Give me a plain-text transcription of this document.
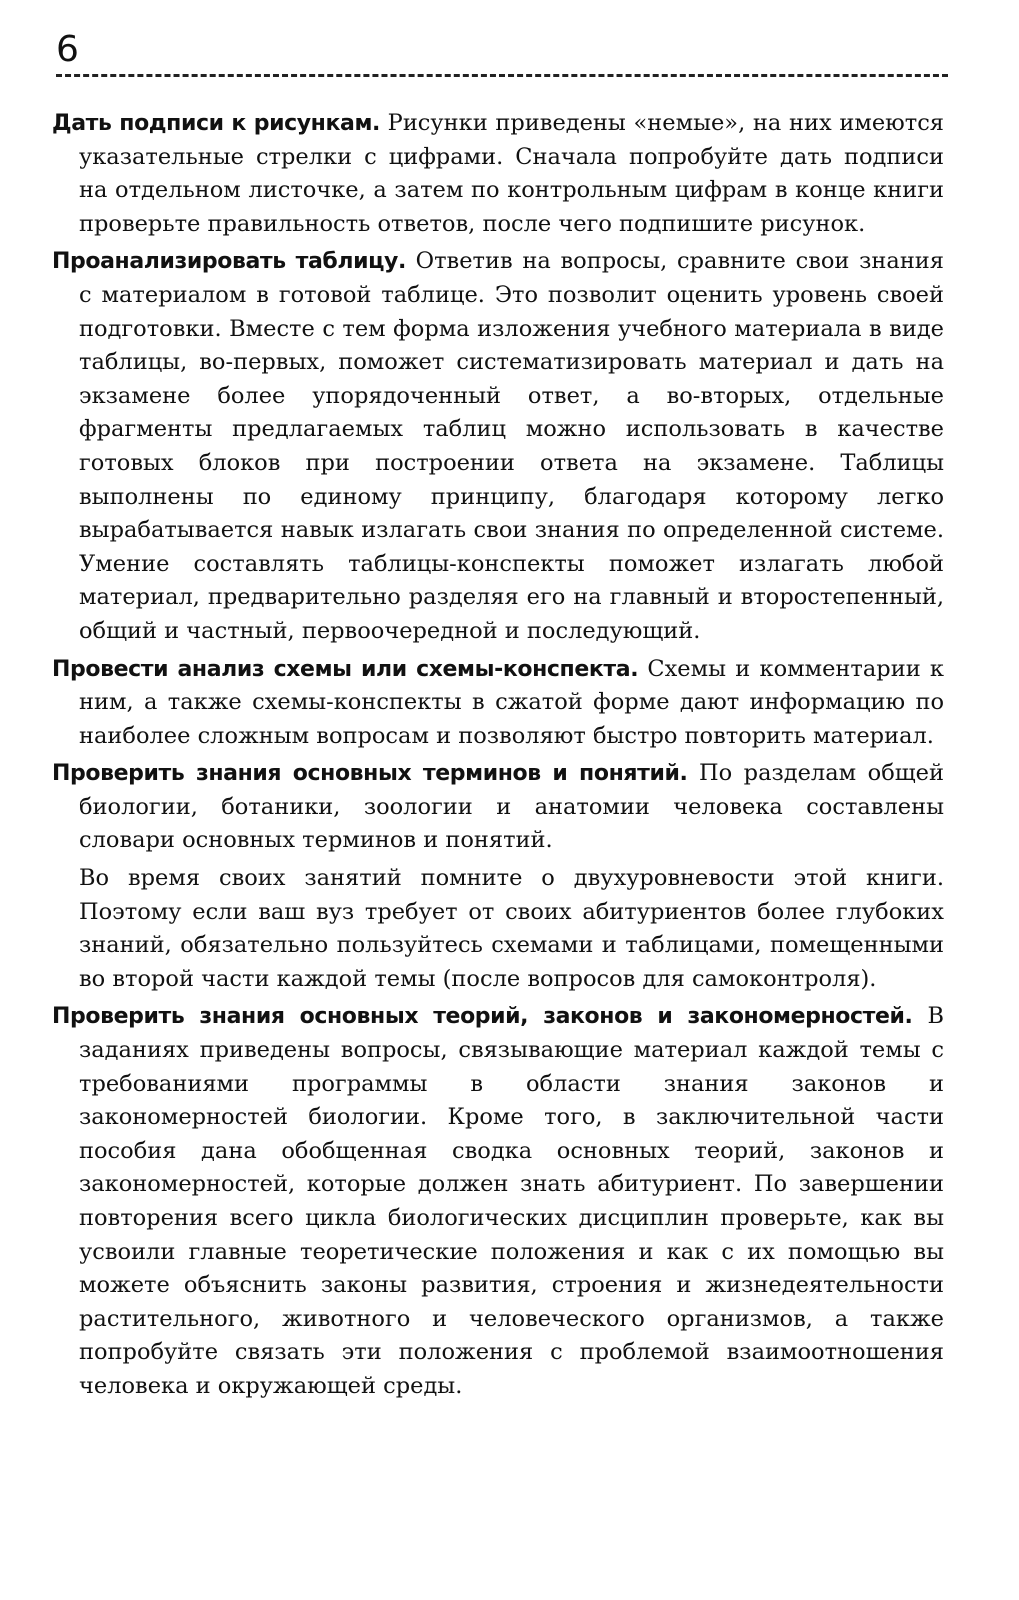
6

Дать подписи к рисункам. Рисунки приведены «немые», на них имеются указательные стрелки с цифрами. Сначала попробуйте дать подписи на отдельном листочке, а затем по контрольным цифрам в конце книги проверьте правильность ответов, после чего подпишите рисунок.

Проанализировать таблицу. Ответив на вопросы, сравните свои знания с материалом в готовой таблице. Это позволит оценить уровень своей подготовки. Вместе с тем форма изложения учебного материала в виде таблицы, во-первых, поможет систематизировать материал и дать на экзамене более упорядоченный ответ, а во-вторых, отдельные фрагменты предлагаемых таблиц можно использовать в качестве готовых блоков при построении ответа на экзамене. Таблицы выполнены по единому принципу, благодаря которому легко вырабатывается навык излагать свои знания по определенной системе. Умение составлять таблицы-конспекты поможет излагать любой материал, предварительно разделяя его на главный и второстепенный, общий и частный, первоочередной и последующий.

Провести анализ схемы или схемы-конспекта. Схемы и комментарии к ним, а также схемы-конспекты в сжатой форме дают информацию по наиболее сложным вопросам и позволяют быстро повторить материал.

Проверить знания основных терминов и понятий. По разделам общей биологии, ботаники, зоологии и анатомии человека составлены словари основных терминов и понятий.

Во время своих занятий помните о двухуровневости этой книги. Поэтому если ваш вуз требует от своих абитуриентов более глубоких знаний, обязательно пользуйтесь схемами и таблицами, помещенными во второй части каждой темы (после вопросов для самоконтроля).

Проверить знания основных теорий, законов и закономерностей. В заданиях приведены вопросы, связывающие материал каждой темы с требованиями программы в области знания законов и закономерностей биологии. Кроме того, в заключительной части пособия дана обобщенная сводка основных теорий, законов и закономерностей, которые должен знать абитуриент. По завершении повторения всего цикла биологических дисциплин проверьте, как вы усвоили главные теоретические положения и как с их помощью вы можете объяснить законы развития, строения и жизнедеятельности растительного, животного и человеческого организмов, а также попробуйте связать эти положения с проблемой взаимоотношения человека и окружающей среды.
